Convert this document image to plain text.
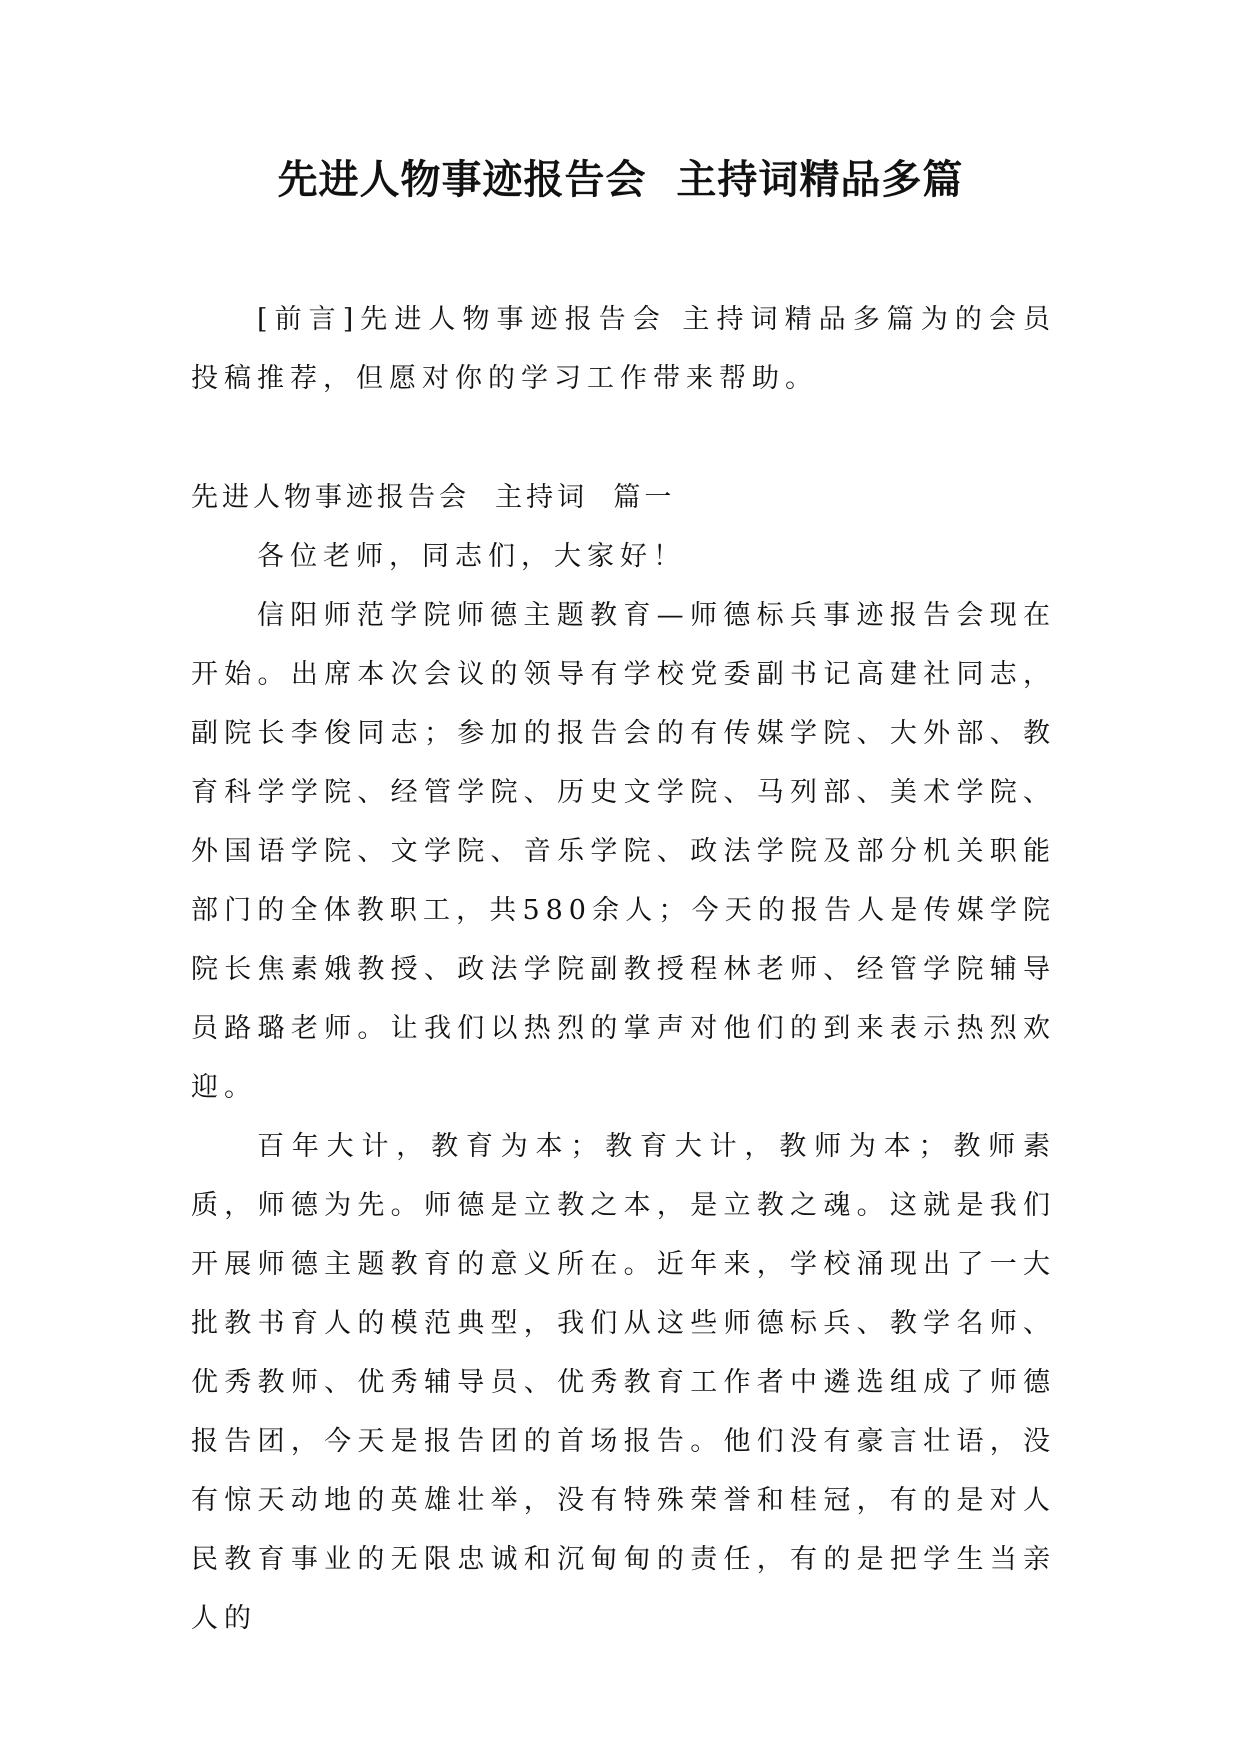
先进人物事迹报告会  主持词精品多篇

[前言]先进人物事迹报告会 主持词精品多篇为的会员投稿推荐，但愿对你的学习工作带来帮助。

先进人物事迹报告会  主持词  篇一

各位老师，同志们，大家好！

信阳师范学院师德主题教育—师德标兵事迹报告会现在开始。出席本次会议的领导有学校党委副书记高建社同志，副院长李俊同志；参加的报告会的有传媒学院、大外部、教育科学学院、经管学院、历史文学院、马列部、美术学院、外国语学院、文学院、音乐学院、政法学院及部分机关职能部门的全体教职工，共580余人；今天的报告人是传媒学院院长焦素娥教授、政法学院副教授程林老师、经管学院辅导员路璐老师。让我们以热烈的掌声对他们的到来表示热烈欢迎。

百年大计，教育为本；教育大计，教师为本；教师素质，师德为先。师德是立教之本，是立教之魂。这就是我们开展师德主题教育的意义所在。近年来，学校涌现出了一大批教书育人的模范典型，我们从这些师德标兵、教学名师、优秀教师、优秀辅导员、优秀教育工作者中遴选组成了师德报告团，今天是报告团的首场报告。他们没有豪言壮语，没有惊天动地的英雄壮举，没有特殊荣誉和桂冠，有的是对人民教育事业的无限忠诚和沉甸甸的责任，有的是把学生当亲人的
